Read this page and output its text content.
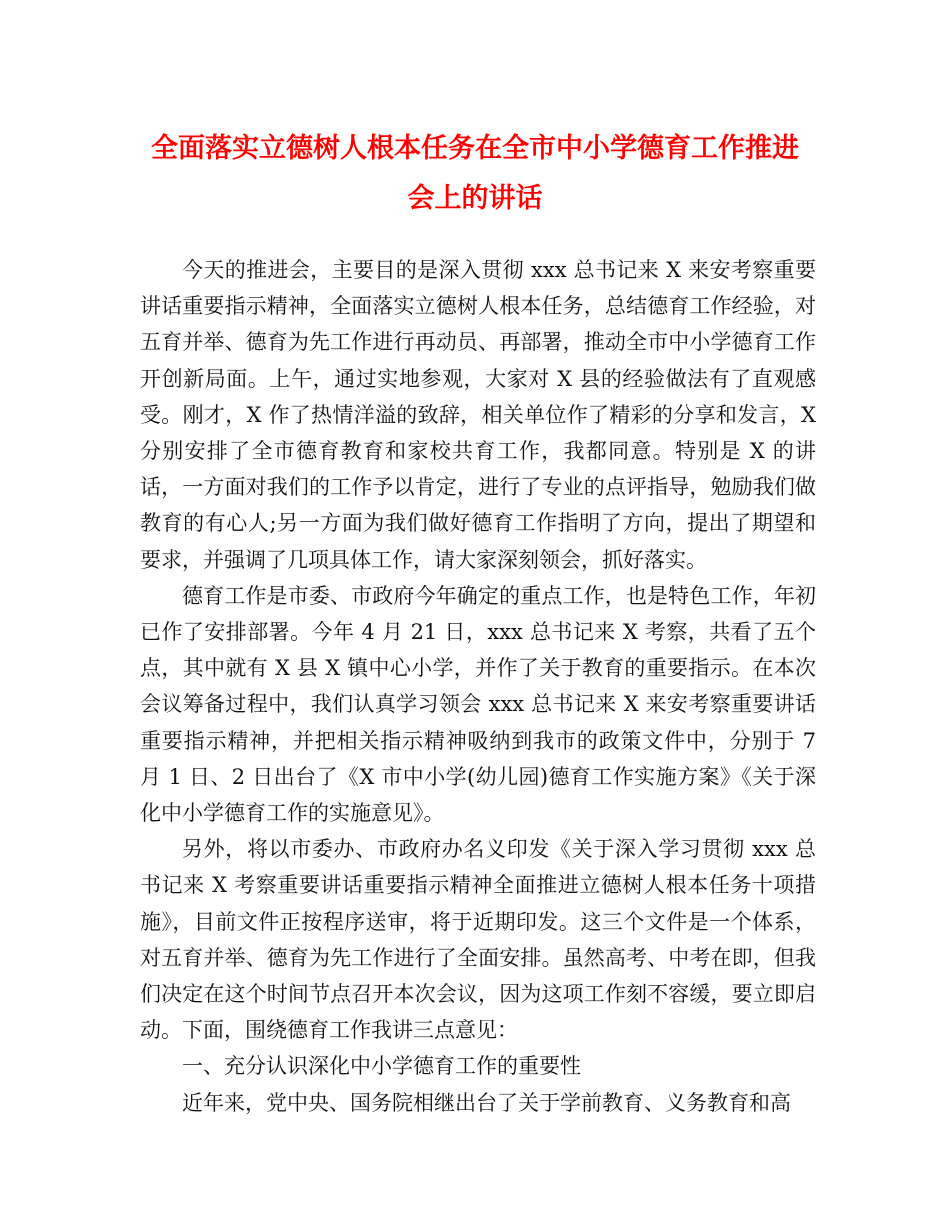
全面落实立德树人根本任务在全市中小学德育工作推进
会上的讲话

今天的推进会，主要目的是深入贯彻 xxx 总书记来 X 来安考察重要讲话重要指示精神，全面落实立德树人根本任务，总结德育工作经验，对五育并举、德育为先工作进行再动员、再部署，推动全市中小学德育工作开创新局面。上午，通过实地参观，大家对 X 县的经验做法有了直观感受。刚才，X 作了热情洋溢的致辞，相关单位作了精彩的分享和发言，X 分别安排了全市德育教育和家校共育工作，我都同意。特别是 X 的讲话，一方面对我们的工作予以肯定，进行了专业的点评指导，勉励我们做教育的有心人;另一方面为我们做好德育工作指明了方向，提出了期望和要求，并强调了几项具体工作，请大家深刻领会，抓好落实。

德育工作是市委、市政府今年确定的重点工作，也是特色工作，年初已作了安排部署。今年 4 月 21 日，xxx 总书记来 X 考察，共看了五个点，其中就有 X 县 X 镇中心小学，并作了关于教育的重要指示。在本次会议筹备过程中，我们认真学习领会 xxx 总书记来 X 来安考察重要讲话重要指示精神，并把相关指示精神吸纳到我市的政策文件中，分别于 7 月 1 日、2 日出台了《X 市中小学(幼儿园)德育工作实施方案》《关于深化中小学德育工作的实施意见》。

另外，将以市委办、市政府办名义印发《关于深入学习贯彻 xxx 总书记来 X 考察重要讲话重要指示精神全面推进立德树人根本任务十项措施》，目前文件正按程序送审，将于近期印发。这三个文件是一个体系，对五育并举、德育为先工作进行了全面安排。虽然高考、中考在即，但我们决定在这个时间节点召开本次会议，因为这项工作刻不容缓，要立即启动。下面，围绕德育工作我讲三点意见：

一、充分认识深化中小学德育工作的重要性

近年来，党中央、国务院相继出台了关于学前教育、义务教育和高
